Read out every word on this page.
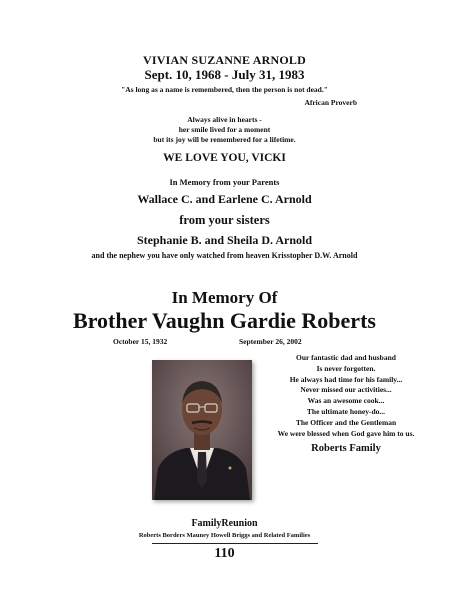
VIVIAN SUZANNE ARNOLD
Sept. 10, 1968 - July 31, 1983
"As long as a name is remembered, then the person is not dead."
African Proverb
Always alive in hearts -
her smile lived for a moment
but its joy will be remembered for a lifetime.
WE LOVE YOU, VICKI
In Memory from your Parents
Wallace C. and Earlene C. Arnold
from your sisters
Stephanie B. and Sheila D. Arnold
and the nephew you have only watched from heaven Krisstopher D.W. Arnold
In Memory Of
Brother Vaughn Gardie Roberts
October 15, 1932	September 26, 2002
Our fantastic dad and husband
Is never forgotten.
He always had time for his family...
Never missed our activities...
Was an awesome cook...
The ultimate honey-do...
The Officer and the Gentleman
We were blessed when God gave him to us.
Roberts Family
FamilyReunion
Roberts Borders Mauney Howell Briggs and Related Families
110
